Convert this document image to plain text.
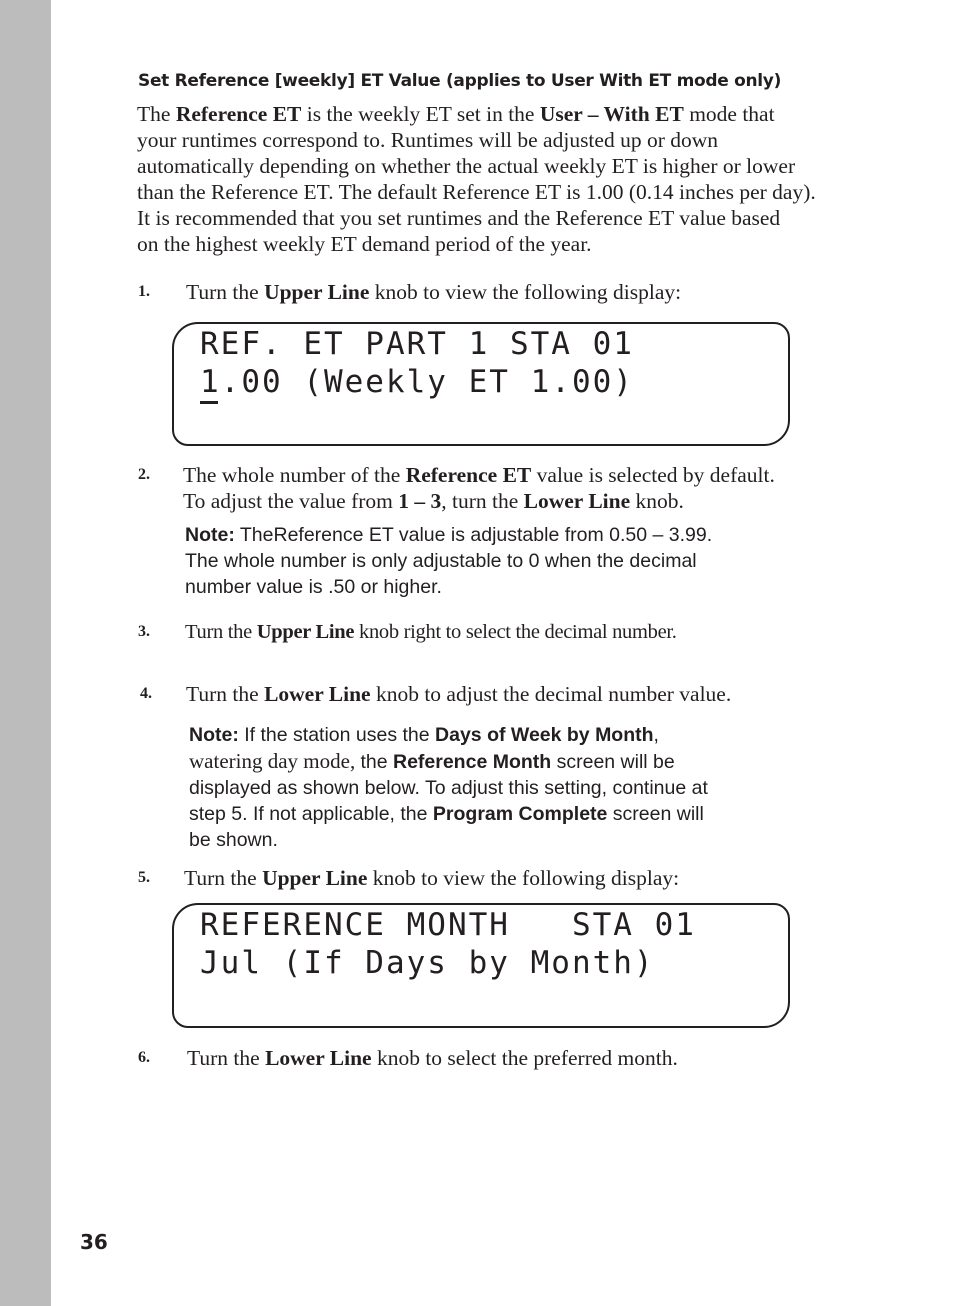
Set Reference [weekly] ET Value (applies to User With ET mode only)

The Reference ET is the weekly ET set in the User – With ET mode that

your runtimes correspond to. Runtimes will be adjusted up or down

automatically depending on whether the actual weekly ET is higher or lower

than the Reference ET. The default Reference ET is 1.00 (0.14 inches per day).

It is recommended that you set runtimes and the Reference ET value based

on the highest weekly ET demand period of the year.

1. Turn the Upper Line knob to view the following display:

REF. ET PART 1 STA 01
1.00 (Weekly ET 1.00)
2. The whole number of the Reference ET value is selected by default.

To adjust the value from 1 – 3, turn the Lower Line knob.

Note: TheReference ET value is adjustable from 0.50 – 3.99.

The whole number is only adjustable to 0 when the decimal

number value is .50 or higher.

3. Turn the Upper Line knob right to select the decimal number.

4. Turn the Lower Line knob to adjust the decimal number value.

Note: If the station uses the Days of Week by Month,

watering day mode, the Reference Month screen will be

displayed as shown below. To adjust this setting, continue at

step 5. If not applicable, the Program Complete screen will

be shown.

5. Turn the Upper Line knob to view the following display:

REFERENCE MONTH   STA 01
Jul (If Days by Month)
6. Turn the Lower Line knob to select the preferred month.

36
